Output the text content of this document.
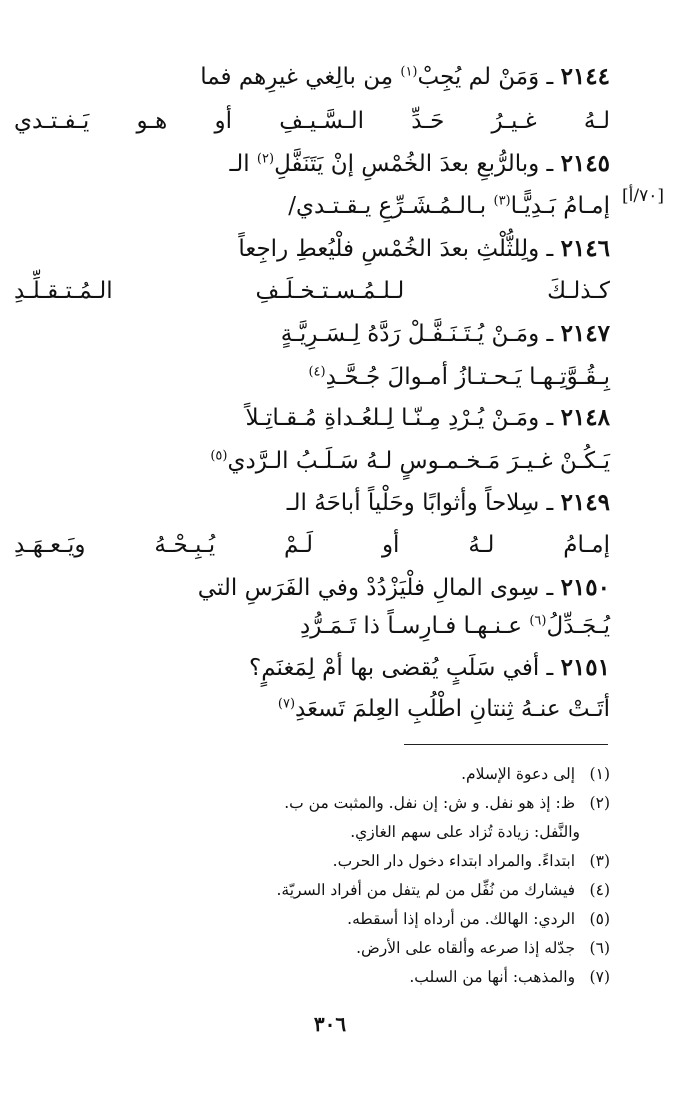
٢١٤٤ ـ وَمَنْ لم يُجِبْ$^{(١)}$ مِن بالِغي غيرِهم فما
لـهُ غـيـرُ حَـدِّ الـسَّـيـفِ أو هـو يَـفـتـدي
٢١٤٥ ـ وبالرُّبعِ بعدَ الخُمْسِ إنْ يَتَنَفَّلِ$^{(٢)}$ الـ
إمـامُ بَـدِيًّـا$^{(٣)}$ بـالـمُـشَـرِّعِ يـقـتـدي/	[٧٠/أ]
٢١٤٦ ـ ولِلثُّلْثِ بعدَ الخُمْسِ فلْيُعطِ راجِعاً
كـذلـكَ لـلـمُـسـتـخـلَـفِ الـمُـتـقـلِّـدِ
٢١٤٧ ـ ومَـنْ يُـتَـنَـفَّـلْ رَدَّهُ لِـسَـرِيَّـةٍ
بِـقُـوَّتِـهـا يَـحـتـازُ أمـوالَ جُـحَّـدِ$^{(٤)}$
٢١٤٨ ـ ومَـنْ يُـرْدِ مِـنّـا لِـلعُـداةِ مُـقـاتِـلاً
يَـكُـنْ غـيـرَ مَـخـمـوسٍ لـهُ سَـلَـبُ الـرَّدي$^{(٥)}$
٢١٤٩ ـ سِلاحاً وأثوابًا وحَلْياً أباحَهُ الـ
إمـامُ لـهُ أو لَـمْ يُـبِـحْـهُ ويَـعـهَـدِ
٢١٥٠ ـ سِوى المالِ فلْيَزْدُدْ وفي الفَرَسِ التي
يُـجَـدِّلُ$^{(٦)}$ عـنـهـا فـارِسـاً ذا تَـمَـرُّدِ
٢١٥١ ـ أفي سَلَبٍ يُقضى بها أمْ لِمَغنَمٍ؟
أتَـتْ عنـهُ ثِنتانِ اطْلُبِ العِلمَ تَسعَدِ$^{(٧)}$
(١) إلى دعوة الإسلام.
(٢) ظ: إذ هو نفل. و ش: إن نفل. والمثبت من ب.
والنَّفل: زيادة تُزاد على سهم الغازي.
(٣) ابتداءً. والمراد ابتداء دخول دار الحرب.
(٤) فيشارك من نُفِّل من لم يتفل من أفراد السريّة.
(٥) الردي: الهالك. من أرداه إذا أسقطه.
(٦) جدّله إذا صرعه وألقاه على الأرض.
(٧) والمذهب: أنها من السلب.
٣٠٦
